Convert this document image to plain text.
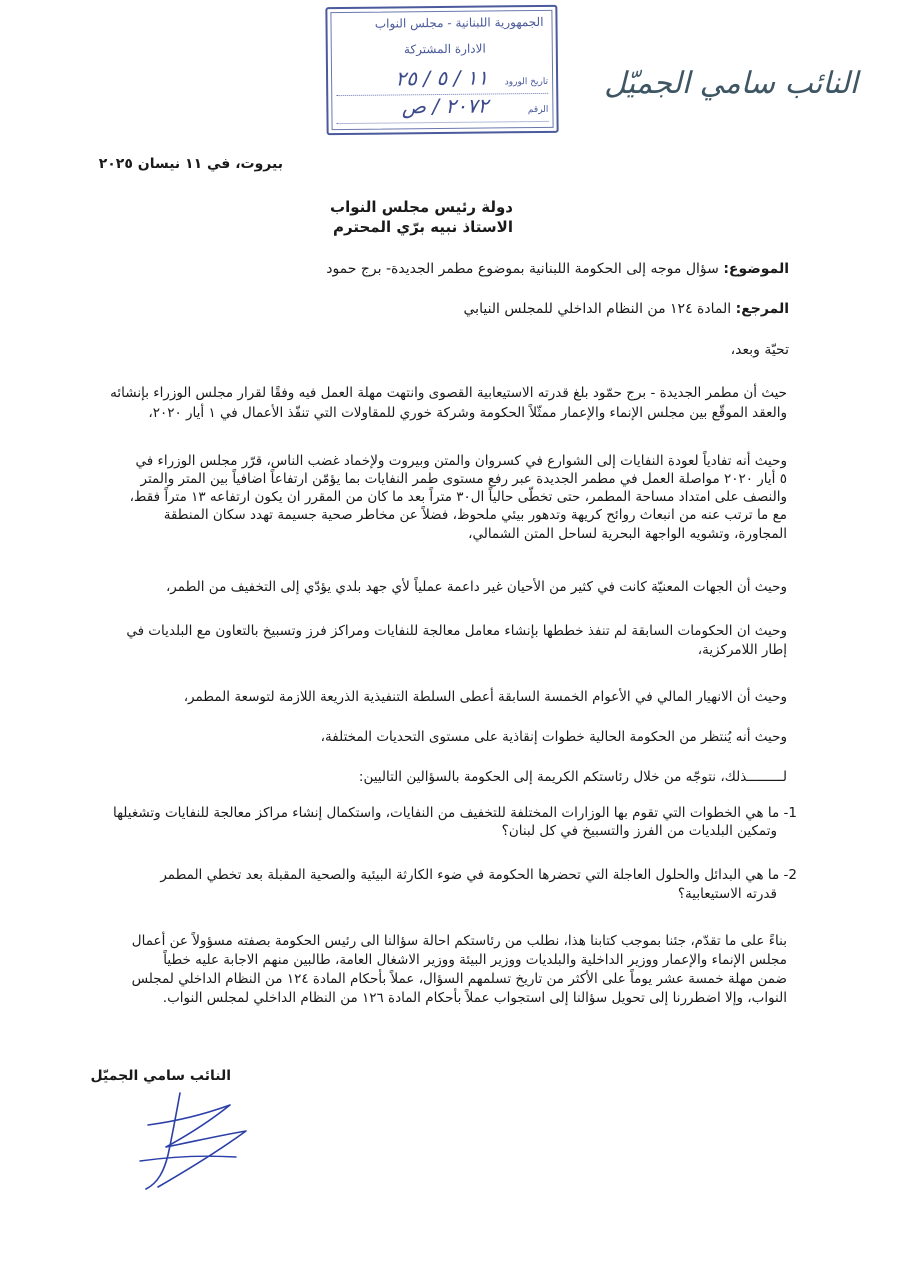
الجمهورية اللبنانية - مجلس النواب
الادارة المشتركة
تاريخ الورود
١١ / ٥ / ٢٥
الرقم
٢٠٧٢ / ص
النائب سامي الجميّل
بيروت، في ١١ نيسان ٢٠٢٥
دولة رئيس مجلس النواب
الاستاذ نبيه برّي المحترم
الموضوع: سؤال موجه إلى الحكومة اللبنانية بموضوع مطمر الجديدة- برج حمود
المرجع: المادة ١٢٤ من النظام الداخلي للمجلس النيابي
تحيّة وبعد،
حيث أن مطمر الجديدة - برج حمّود بلغ قدرته الاستيعابية القصوى وانتهت مهلة العمل فيه وفقًا لقرار مجلس الوزراء بإنشائه
والعقد الموقّع بين مجلس الإنماء والإعمار ممثّلاً الحكومة وشركة خوري للمقاولات التي تنفّذ الأعمال في ١ أيار ٢٠٢٠،
وحيث أنه تفادياً لعودة النفايات إلى الشوارع في كسروان والمتن وبيروت ولإخماد غضب الناس، قرّر مجلس الوزراء في
٥ أيار ٢٠٢٠ مواصلة العمل في مطمر الجديدة عبر رفع مستوى طمر النفايات بما يؤمّن ارتفاعاً اضافياً بين المتر والمتر
والنصف على امتداد مساحة المطمر، حتى تخطّى حالياً ال٣٠ متراً بعد ما كان من المقرر ان يكون ارتفاعه ١٣ متراً فقط،
مع ما ترتب عنه من انبعاث روائح كريهة وتدهور بيئي ملحوظ، فضلاً عن مخاطر صحية جسيمة تهدد سكان المنطقة
المجاورة، وتشويه الواجهة البحرية لساحل المتن الشمالي،
وحيث أن الجهات المعنيّة كانت في كثير من الأحيان غير داعمة عملياً لأي جهد بلدي يؤدّي إلى التخفيف من الطمر،
وحيث ان الحكومات السابقة لم تنفذ خططها بإنشاء معامل معالجة للنفايات ومراكز فرز وتسبيخ بالتعاون مع البلديات في
إطار اللامركزية،
وحيث أن الانهيار المالي في الأعوام الخمسة السابقة أعطى السلطة التنفيذية الذريعة اللازمة لتوسعة المطمر،
وحيث أنه يُنتظر من الحكومة الحالية خطوات إنقاذية على مستوى التحديات المختلفة،
لـــــــــذلك، نتوجّه من خلال رئاستكم الكريمة إلى الحكومة بالسؤالين التاليين:
1- ما هي الخطوات التي تقوم بها الوزارات المختلفة للتخفيف من النفايات، واستكمال إنشاء مراكز معالجة للنفايات وتشغيلها
وتمكين البلديات من الفرز والتسبيخ في كل لبنان؟
2- ما هي البدائل والحلول العاجلة التي تحضرها الحكومة في ضوء الكارثة البيئية والصحية المقبلة بعد تخطي المطمر
قدرته الاستيعابية؟
بناءً على ما تقدّم، جئنا بموجب كتابنا هذا، نطلب من رئاستكم احالة سؤالنا الى رئيس الحكومة بصفته مسؤولاً عن أعمال
مجلس الإنماء والإعمار ووزير الداخلية والبلديات ووزير البيئة ووزير الاشغال العامة، طالبين منهم الاجابة عليه خطياً
ضمن مهلة خمسة عشر يوماً على الأكثر من تاريخ تسلمهم السؤال، عملاً بأحكام المادة ١٢٤ من النظام الداخلي لمجلس
النواب، وإلا اضطررنا إلى تحويل سؤالنا إلى استجواب عملاً بأحكام المادة ١٢٦ من النظام الداخلي لمجلس النواب.
النائب سامي الجميّل
